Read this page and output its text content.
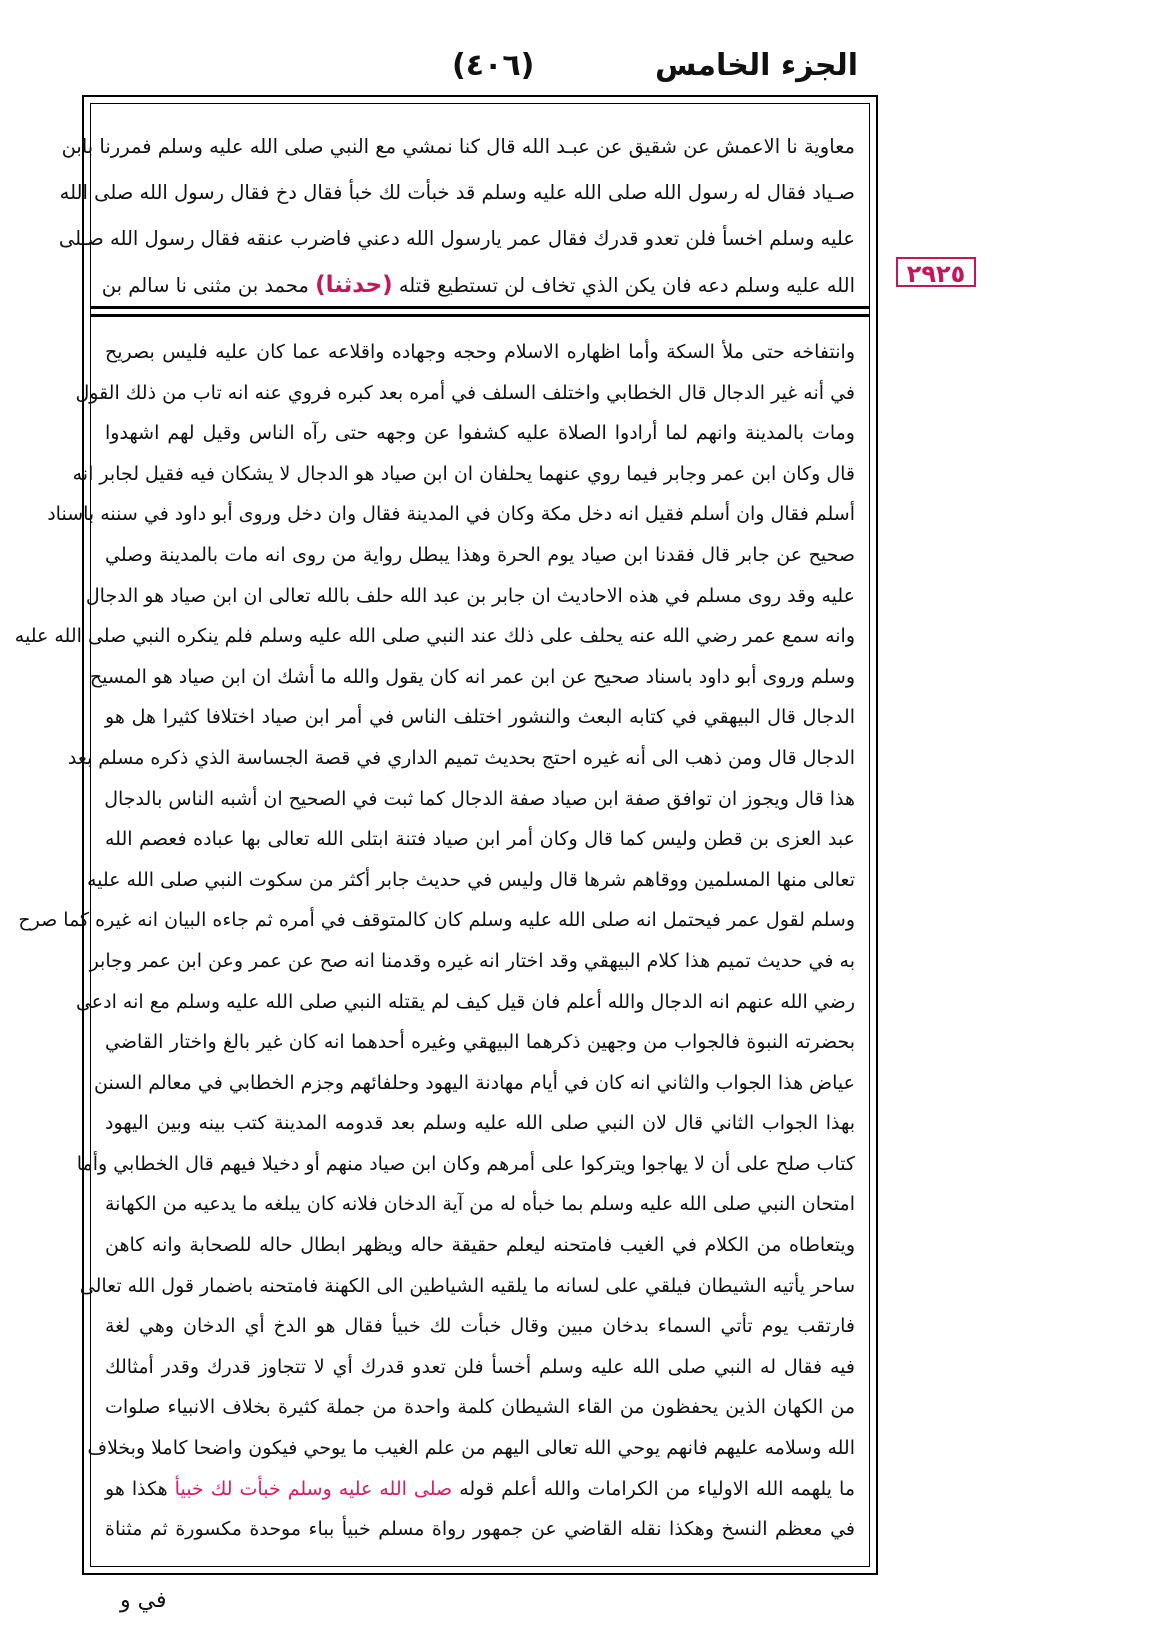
الجزء الخامس
(٤٠٦)

معاوية نا الاعمش عن شقيق عن عبـد الله قال كنا نمشي مع النبي صلى الله عليه وسلم فمررنا بابن

صـياد فقال له رسول الله صلى الله عليه وسلم قد خبأت لك خبأ فقال دخ فقال رسول الله صلى الله

عليه وسلم اخسأ فلن تعدو قدرك فقال عمر يارسول الله دعني فاضرب عنقه فقال رسول الله صـلى

الله عليه وسلم دعه فان يكن الذي تخاف لن تستطيع قتله (حدثنا) محمد بن مثنى نا سالم بن

وانتفاخه حتى ملأ السكة وأما اظهاره الاسلام وحجه وجهاده واقلاعه عما كان عليه فليس بصريح

في أنه غير الدجال قال الخطابي واختلف السلف في أمره بعد كبره فروي عنه انه تاب من ذلك القول

ومات بالمدينة وانهم لما أرادوا الصلاة عليه كشفوا عن وجهه حتى رآه الناس وقيل لهم اشهدوا

قال وكان ابن عمر وجابر فيما روي عنهما يحلفان ان ابن صياد هو الدجال لا يشكان فيه فقيل لجابر انه

أسلم فقال وان أسلم فقيل انه دخل مكة وكان في المدينة فقال وان دخل وروى أبو داود في سننه باسناد

صحيح عن جابر قال فقدنا ابن صياد يوم الحرة وهذا يبطل رواية من روى انه مات بالمدينة وصلي

عليه وقد روى مسلم في هذه الاحاديث ان جابر بن عبد الله حلف بالله تعالى ان ابن صياد هو الدجال

وانه سمع عمر رضي الله عنه يحلف على ذلك عند النبي صلى الله عليه وسلم فلم ينكره النبي صلى الله عليه

وسلم وروى أبو داود باسناد صحيح عن ابن عمر انه كان يقول والله ما أشك ان ابن صياد هو المسيح

الدجال قال البيهقي في كتابه البعث والنشور اختلف الناس في أمر ابن صياد اختلافا كثيرا هل هو

الدجال قال ومن ذهب الى أنه غيره احتج بحديث تميم الداري في قصة الجساسة الذي ذكره مسلم بعد

هذا قال ويجوز ان توافق صفة ابن صياد صفة الدجال كما ثبت في الصحيح ان أشبه الناس بالدجال

عبد العزى بن قطن وليس كما قال وكان أمر ابن صياد فتنة ابتلى الله تعالى بها عباده فعصم الله

تعالى منها المسلمين ووقاهم شرها قال وليس في حديث جابر أكثر من سكوت النبي صلى الله عليه

وسلم لقول عمر فيحتمل انه صلى الله عليه وسلم كان كالمتوقف في أمره ثم جاءه البيان انه غيره كما صرح

به في حديث تميم هذا كلام البيهقي وقد اختار انه غيره وقدمنا انه صح عن عمر وعن ابن عمر وجابر

رضي الله عنهم انه الدجال والله أعلم فان قيل كيف لم يقتله النبي صلى الله عليه وسلم مع انه ادعى

بحضرته النبوة فالجواب من وجهين ذكرهما البيهقي وغيره أحدهما انه كان غير بالغ واختار القاضي

عياض هذا الجواب والثاني انه كان في أيام مهادنة اليهود وحلفائهم وجزم الخطابي في معالم السنن

بهذا الجواب الثاني قال لان النبي صلى الله عليه وسلم بعد قدومه المدينة كتب بينه وبين اليهود

كتاب صلح على أن لا يهاجوا ويتركوا على أمرهم وكان ابن صياد منهم أو دخيلا فيهم قال الخطابي وأما

امتحان النبي صلى الله عليه وسلم بما خبأه له من آية الدخان فلانه كان يبلغه ما يدعيه من الكهانة

ويتعاطاه من الكلام في الغيب فامتحنه ليعلم حقيقة حاله ويظهر ابطال حاله للصحابة وانه كاهن

ساحر يأتيه الشيطان فيلقي على لسانه ما يلقيه الشياطين الى الكهنة فامتحنه باضمار قول الله تعالى

فارتقب يوم تأتي السماء بدخان مبين وقال خبأت لك خبيأ فقال هو الدخ أي الدخان وهي لغة

فيه فقال له النبي صلى الله عليه وسلم أخسأ فلن تعدو قدرك أي لا تتجاوز قدرك وقدر أمثالك

من الكهان الذين يحفظون من القاء الشيطان كلمة واحدة من جملة كثيرة بخلاف الانبياء صلوات

الله وسلامه عليهم فانهم يوحي الله تعالى اليهم من علم الغيب ما يوحي فيكون واضحا كاملا وبخلاف

ما يلهمه الله الاولياء من الكرامات والله أعلم قوله صلى الله عليه وسلم خبأت لك خبيأ هكذا هو

في معظم النسخ وهكذا نقله القاضي عن جمهور رواة مسلم خبيأ بباء موحدة مكسورة ثم مثناة

٢٩٢٥
في و
